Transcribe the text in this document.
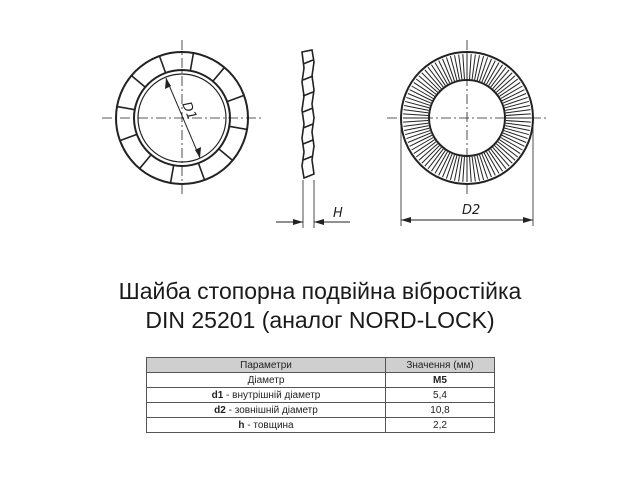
D1
H	D2
Шайба стопорна подвійна вібростійка
DIN 25201 (аналог NORD-LOCK)
Параметри	Значення (мм)
Діаметр	М5
d1 - внутрішній діаметр	5,4
d2 - зовнішній діаметр	10,8
h - товщина	2,2
